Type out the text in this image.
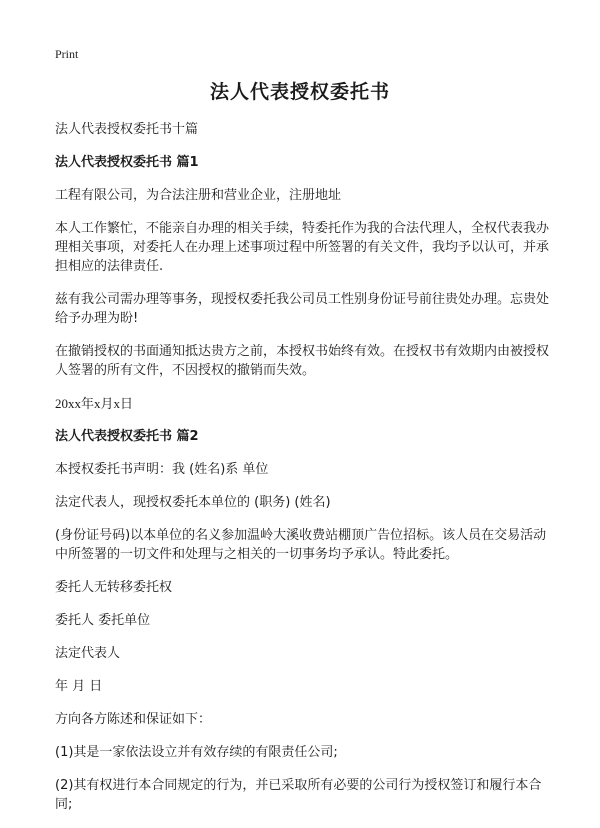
Print
法人代表授权委托书

法人代表授权委托书十篇

法人代表授权委托书 篇1

工程有限公司，为合法注册和营业企业，注册地址

本人工作繁忙，不能亲自办理的相关手续，特委托作为我的合法代理人，全权代表我办理相关事项，对委托人在办理上述事项过程中所签署的有关文件，我均予以认可，并承担相应的法律责任.

兹有我公司需办理等事务，现授权委托我公司员工性别身份证号前往贵处办理。忘贵处给予办理为盼!

在撤销授权的书面通知抵达贵方之前，本授权书始终有效。在授权书有效期内由被授权人签署的所有文件，不因授权的撤销而失效。

20xx年x月x日

法人代表授权委托书 篇2

本授权委托书声明：我 (姓名)系 单位

法定代表人，现授权委托本单位的 (职务) (姓名)

(身份证号码)以本单位的名义参加温岭大溪收费站棚顶广告位招标。该人员在交易活动中所签署的一切文件和处理与之相关的一切事务均予承认。特此委托。

委托人无转移委托权

委托人 委托单位

法定代表人

年 月 日

方向各方陈述和保证如下：

(1)其是一家依法设立并有效存续的有限责任公司;

(2)其有权进行本合同规定的行为，并已采取所有必要的公司行为授权签订和履行本合同;
